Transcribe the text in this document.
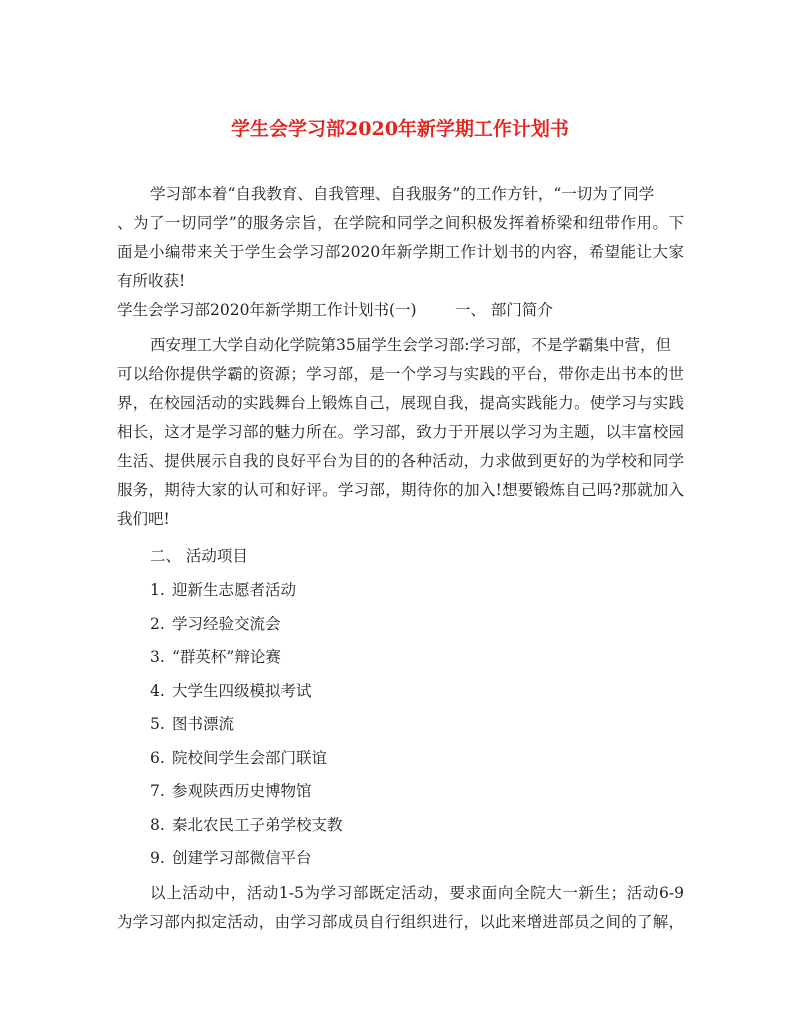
学生会学习部2020年新学期工作计划书
学习部本着“自我教育、自我管理、自我服务”的工作方针，“一切为了同学
、为了一切同学”的服务宗旨，在学院和同学之间积极发挥着桥梁和纽带作用。下
面是小编带来关于学生会学习部2020年新学期工作计划书的内容，希望能让大家
有所收获!
学生会学习部2020年新学期工作计划书(一) 一、 部门简介
西安理工大学自动化学院第35届学生会学习部:学习部，不是学霸集中营，但
可以给你提供学霸的资源；学习部，是一个学习与实践的平台，带你走出书本的世
界，在校园活动的实践舞台上锻炼自己，展现自我，提高实践能力。使学习与实践
相长，这才是学习部的魅力所在。学习部，致力于开展以学习为主题，以丰富校园
生活、提供展示自我的良好平台为目的的各种活动，力求做到更好的为学校和同学
服务，期待大家的认可和好评。学习部，期待你的加入!想要锻炼自己吗?那就加入
我们吧!
二、 活动项目
1. 迎新生志愿者活动
2. 学习经验交流会
3. “群英杯”辩论赛
4. 大学生四级模拟考试
5. 图书漂流
6. 院校间学生会部门联谊
7. 参观陕西历史博物馆
8. 秦北农民工子弟学校支教
9. 创建学习部微信平台
以上活动中，活动1-5为学习部既定活动，要求面向全院大一新生；活动6-9
为学习部内拟定活动，由学习部成员自行组织进行，以此来增进部员之间的了解，
